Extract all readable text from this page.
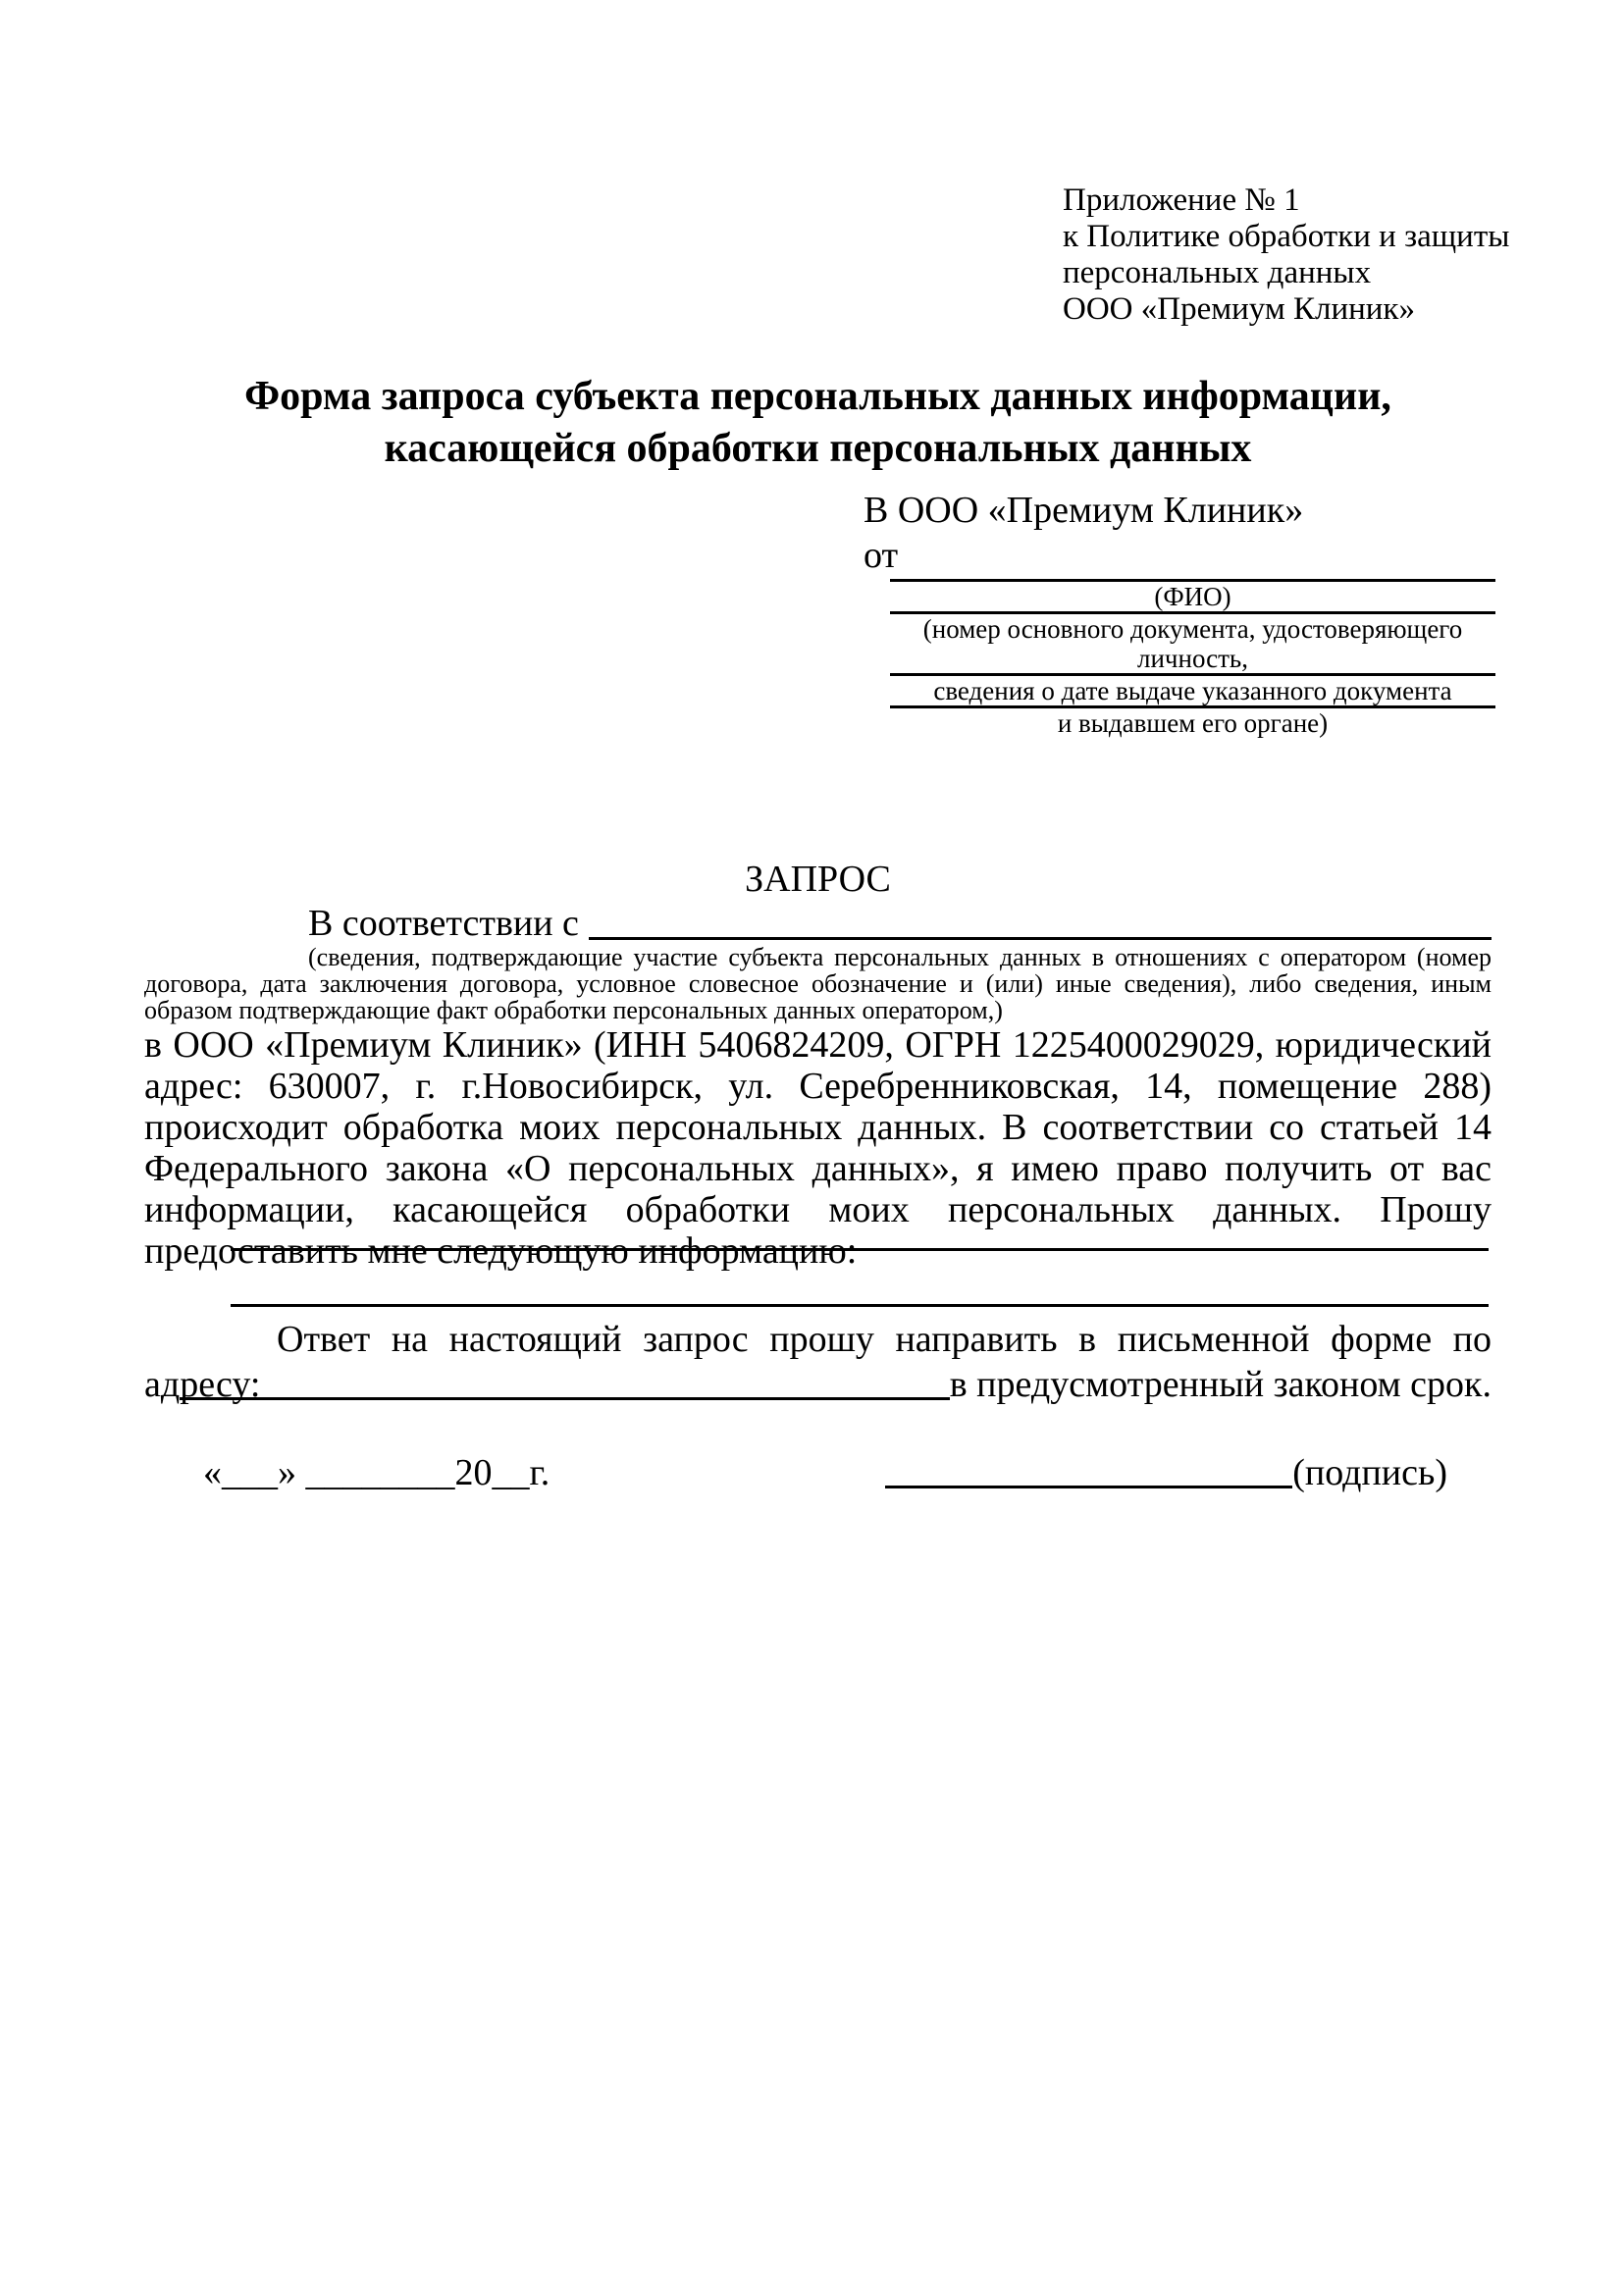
Приложение № 1
к Политике обработки и защиты
персональных данных
ООО «Премиум Клиник»
Форма запроса субъекта персональных данных информации,
касающейся обработки персональных данных
В ООО «Премиум Клиник»
от
(ФИО)
(номер основного документа, удостоверяющего личность,
сведения о дате выдаче указанного документа
и выдавшем его органе)
ЗАПРОС
В соответствии с
(сведения, подтверждающие участие субъекта персональных данных в отношениях с оператором (номер договора, дата заключения договора, условное словесное обозначение и (или) иные сведения), либо сведения, иным образом подтверждающие факт обработки персональных данных оператором,)
в ООО «Премиум Клиник» (ИНН 5406824209, ОГРН 1225400029029, юридический адрес: 630007, г. г.Новосибирск, ул. Серебренниковская, 14, помещение 288) происходит обработка моих персональных данных. В соответствии со статьей 14 Федерального закона «О персональных данных», я имею право получить от вас информации, касающейся обработки моих персональных данных. Прошу предоставить мне следующую информацию:
Ответ на настоящий запрос прошу направить в письменной форме по адресу:	в предусмотренный законом срок.
«___» ________20__г.	(подпись)
